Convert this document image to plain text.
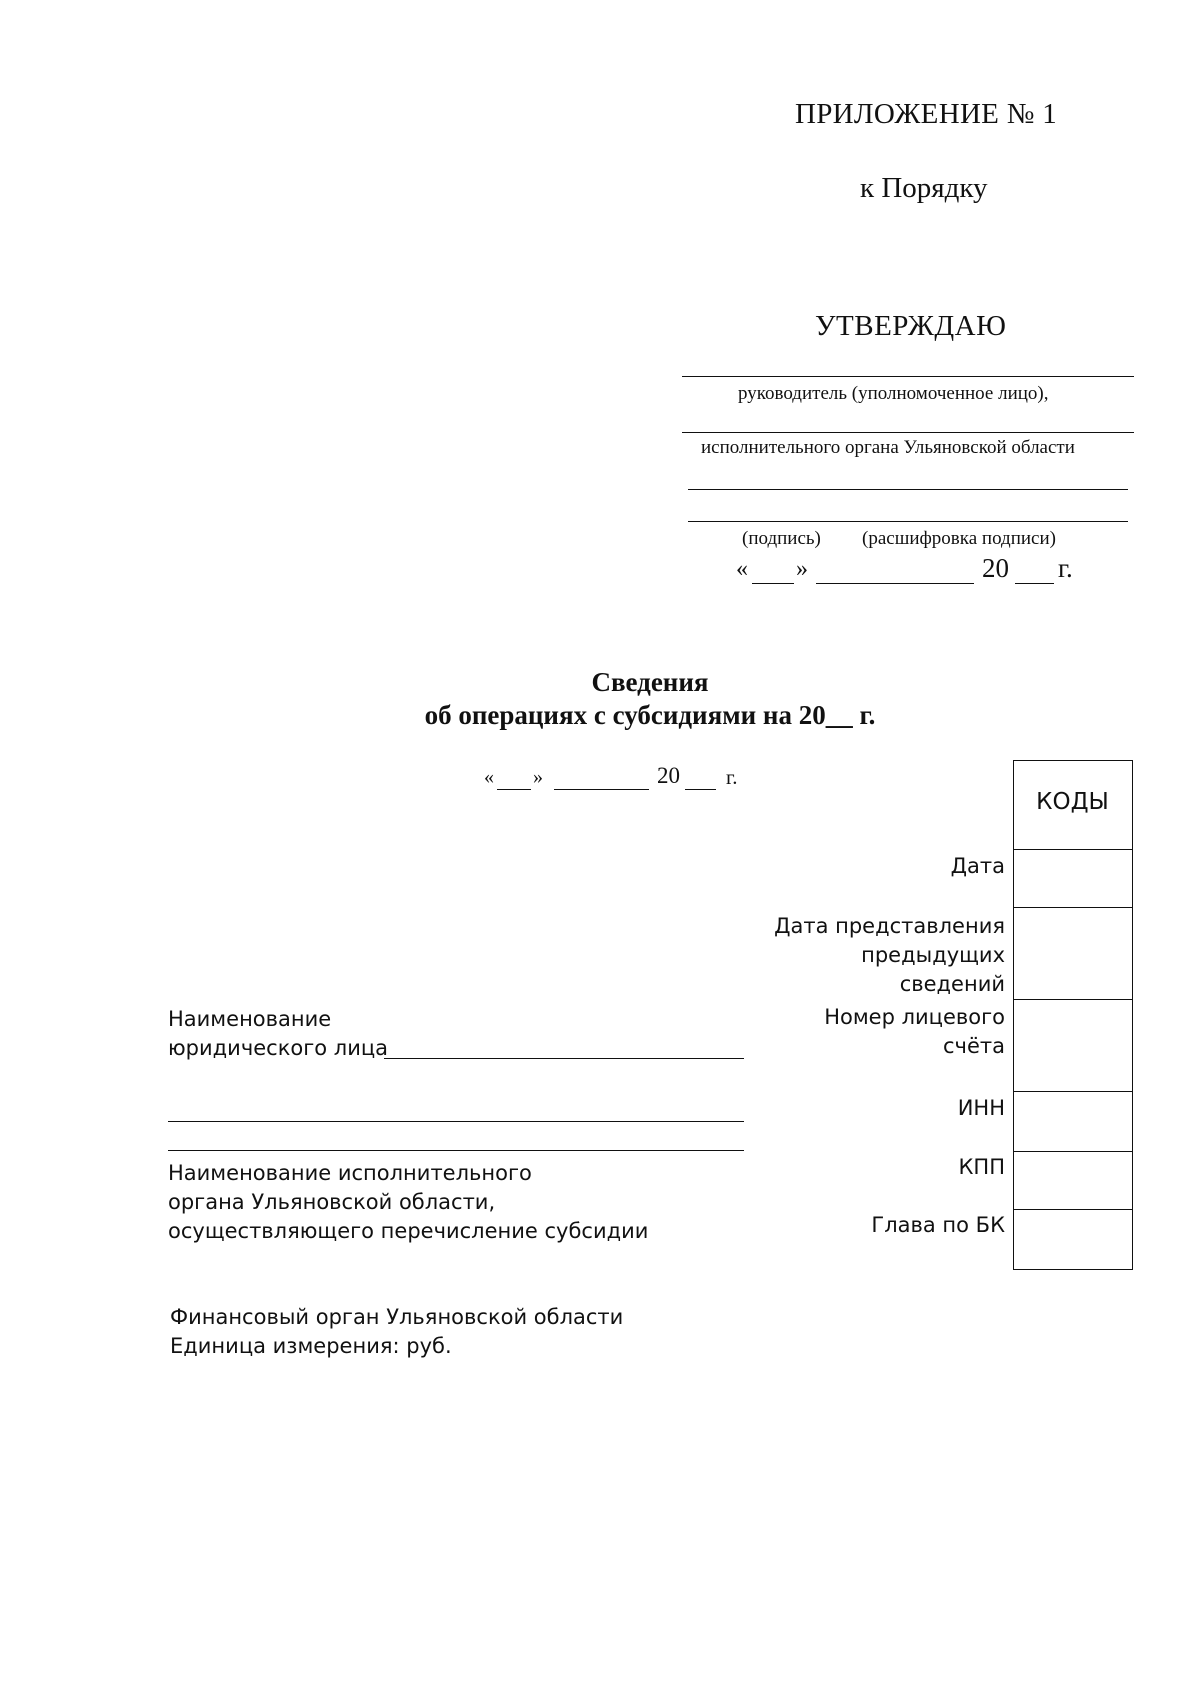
ПРИЛОЖЕНИЕ № 1
к Порядку
УТВЕРЖДАЮ
руководитель (уполномоченное лицо),
исполнительного органа Ульяновской области
(подпись) (расшифровка подписи)
« »	20 г.
Сведения
об операциях с субсидиями на 20__ г.
« »	20 г.
КОДЫ
Дата
Дата представления
предыдущих
сведений
Номер лицевого
счёта
ИНН
КПП
Глава по БК
Наименование
юридического лица
Наименование исполнительного
органа Ульяновской области,
осуществляющего перечисление субсидии
Финансовый орган Ульяновской области
Единица измерения: руб.
